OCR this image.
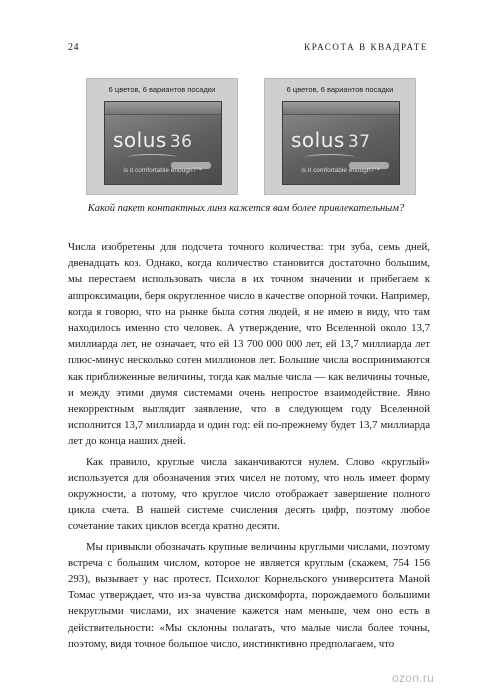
24	КРАСОТА В КВАДРАТЕ
6 цветов, 6 вариантов посадки
solus 36
is it comfortable enough?™
6 цветов, 6 вариантов посадки
solus 37
is it comfortable enough?™
Какой пакет контактных линз кажется вам более привлекательным?

Числа изобретены для подсчета точного количества: три зуба, семь дней, двенадцать коз. Однако, когда количество становится достаточно большим, мы перестаем использовать числа в их точном значении и прибегаем к аппроксимации, беря округленное число в качестве опорной точки. Например, когда я говорю, что на рынке была сотня людей, я не имею в виду, что там находилось именно сто человек. А утверждение, что Вселенной около 13,7 миллиарда лет, не означает, что ей 13 700 000 000 лет, ей 13,7 миллиарда лет плюс-минус несколько сотен миллионов лет. Большие числа воспринимаются как приближенные величины, тогда как малые числа — как величины точные, и между этими двумя системами очень непростое взаимодействие. Явно некорректным выглядит заявление, что в следующем году Вселенной исполнится 13,7 миллиарда и один год: ей по-прежнему будет 13,7 миллиарда лет до конца наших дней.

Как правило, круглые числа заканчиваются нулем. Слово «круглый» используется для обозначения этих чисел не потому, что ноль имеет форму окружности, а потому, что круглое число отображает завершение полного цикла счета. В нашей системе счисления десять цифр, поэтому любое сочетание таких циклов всегда кратно десяти.

Мы привыкли обозначать крупные величины круглыми числами, поэтому встреча с большим числом, которое не является круглым (скажем, 754 156 293), вызывает у нас протест. Психолог Корнельского университета Маной Томас утверждает, что из-за чувства дискомфорта, порождаемого большими некруглыми числами, их значение кажется нам меньше, чем оно есть в действительности: «Мы склонны полагать, что малые числа более точны, поэтому, видя точное большое число, инстинктивно предполагаем, что

ozon.ru
